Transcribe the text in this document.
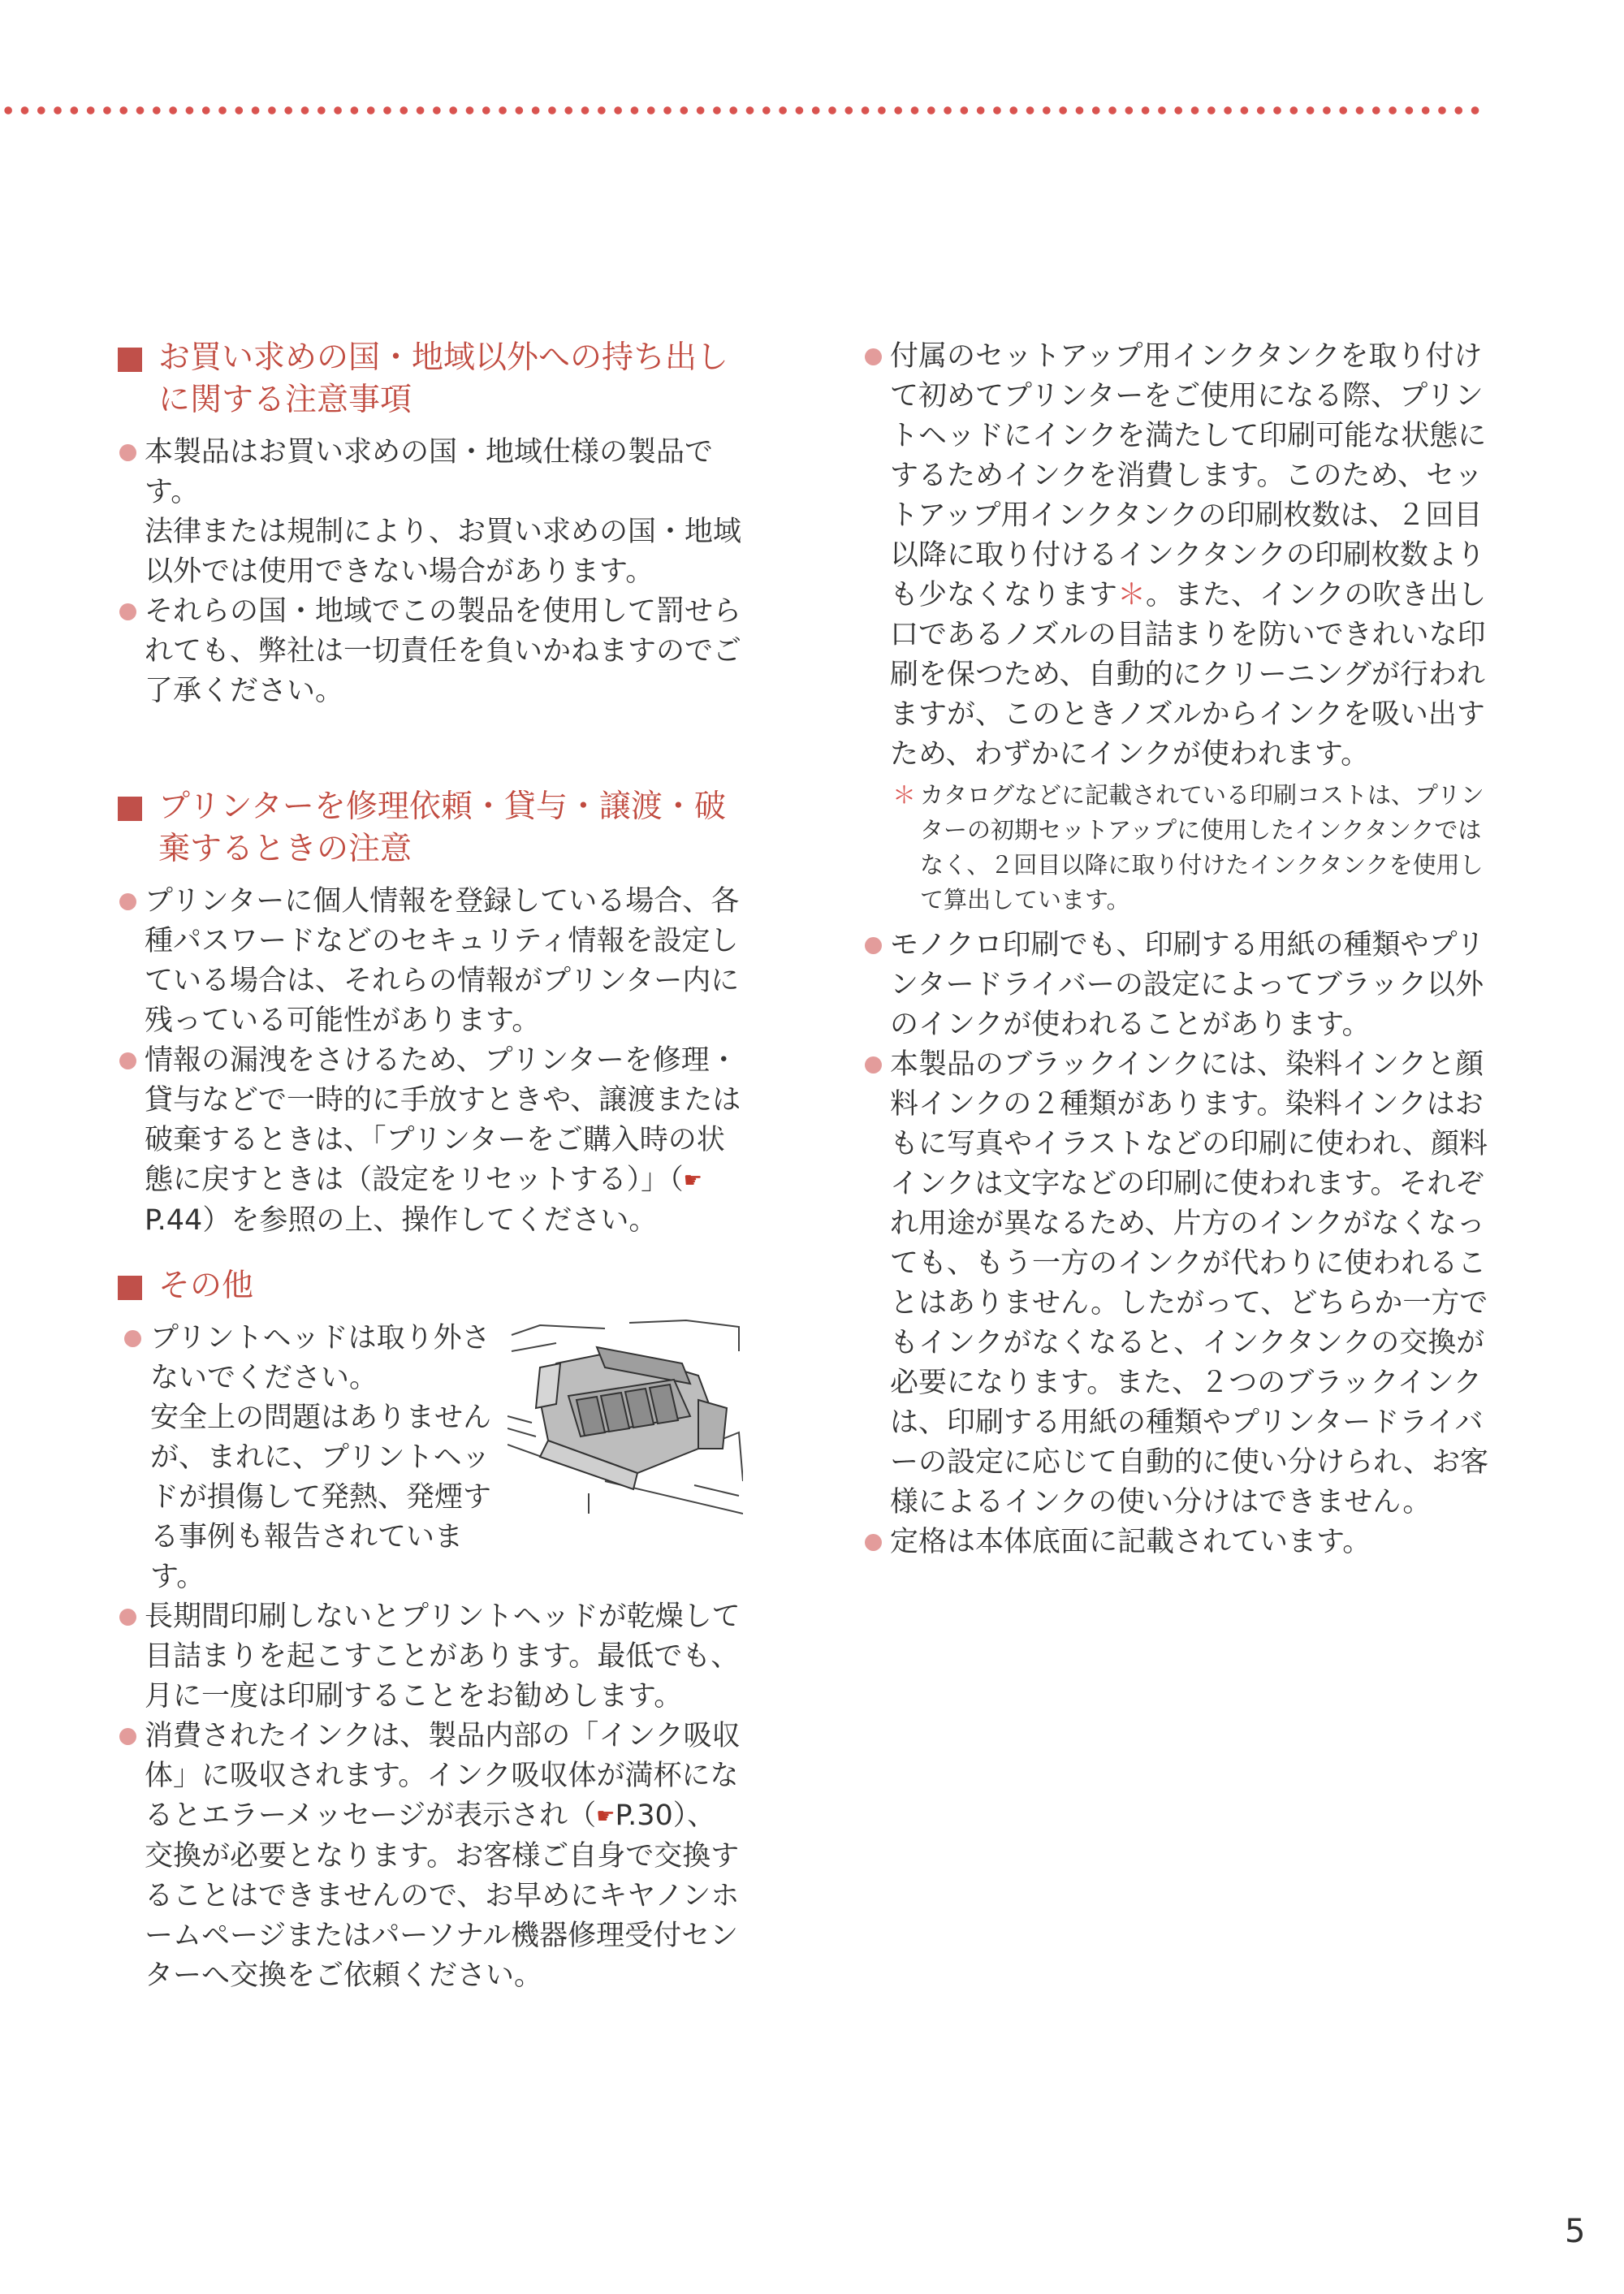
お買い求めの国・地域以外への持ち出しに関する注意事項

本製品はお買い求めの国・地域仕様の製品です。

法律または規制により、お買い求めの国・地域以外では使用できない場合があります。

それらの国・地域でこの製品を使用して罰せられても、弊社は一切責任を負いかねますのでご了承ください。

プリンターを修理依頼・貸与・譲渡・破棄するときの注意

プリンターに個人情報を登録している場合、各種パスワードなどのセキュリティ情報を設定している場合は、それらの情報がプリンター内に残っている可能性があります。

情報の漏洩をさけるため、プリンターを修理・貸与などで一時的に手放すときや、譲渡または破棄するときは、「プリンターをご購入時の状態に戻すときは（設定をリセットする）」（☛P.44）を参照の上、操作してください。

その他

プリントヘッドは取り外さないでください。

安全上の問題はありませんが、まれに、プリントヘッドが損傷して発熱、発煙する事例も報告されています。

長期間印刷しないとプリントヘッドが乾燥して目詰まりを起こすことがあります。最低でも、月に一度は印刷することをお勧めします。

消費されたインクは、製品内部の「インク吸収体」に吸収されます。インク吸収体が満杯になるとエラーメッセージが表示され（☛P.30）、交換が必要となります。お客様ご自身で交換することはできませんので、お早めにキヤノンホームページまたはパーソナル機器修理受付センターへ交換をご依頼ください。

付属のセットアップ用インクタンクを取り付けて初めてプリンターをご使用になる際、プリントヘッドにインクを満たして印刷可能な状態にするためインクを消費します。このため、セットアップ用インクタンクの印刷枚数は、２回目以降に取り付けるインクタンクの印刷枚数よりも少なくなります＊。また、インクの吹き出し口であるノズルの目詰まりを防いできれいな印刷を保つため、自動的にクリーニングが行われますが、このときノズルからインクを吸い出すため、わずかにインクが使われます。

＊ カタログなどに記載されている印刷コストは、プリンターの初期セットアップに使用したインクタンクではなく、２回目以降に取り付けたインクタンクを使用して算出しています。

モノクロ印刷でも、印刷する用紙の種類やプリンタードライバーの設定によってブラック以外のインクが使われることがあります。

本製品のブラックインクには、染料インクと顔料インクの２種類があります。染料インクはおもに写真やイラストなどの印刷に使われ、顔料インクは文字などの印刷に使われます。それぞれ用途が異なるため、片方のインクがなくなっても、もう一方のインクが代わりに使われることはありません。したがって、どちらか一方でもインクがなくなると、インクタンクの交換が必要になります。また、２つのブラックインクは、印刷する用紙の種類やプリンタードライバーの設定に応じて自動的に使い分けられ、お客様によるインクの使い分けはできません。

定格は本体底面に記載されています。

5
